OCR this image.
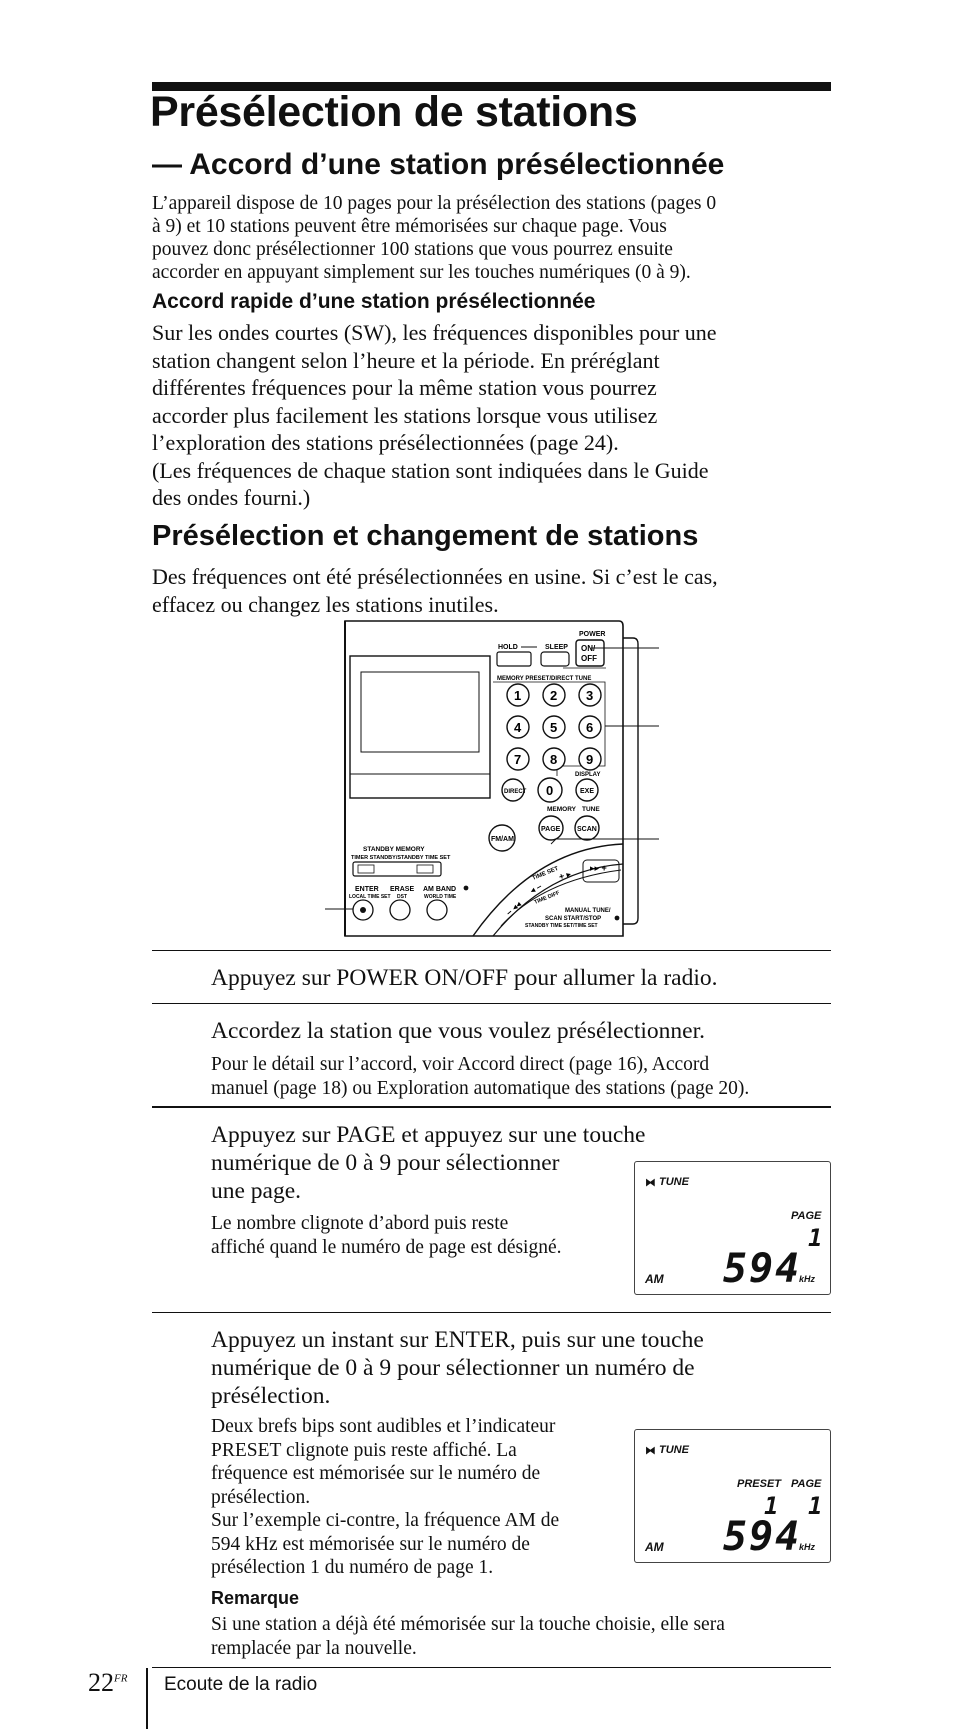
Présélection de stations
— Accord d’une station présélectionnée
L’appareil dispose de 10 pages pour la présélection des stations (pages 0
à 9) et 10 stations peuvent être mémorisées sur chaque page. Vous
pouvez donc présélectionner 100 stations que vous pourrez ensuite
accorder en appuyant simplement sur les touches numériques (0 à 9).
Accord rapide d’une station présélectionnée
Sur les ondes courtes (SW), les fréquences disponibles pour une
station changent selon l’heure et la période. En préréglant
différentes fréquences pour la même station vous pourrez
accorder plus facilement les stations lorsque vous utilisez
l’exploration des stations présélectionnées (page 24).
(Les fréquences de chaque station sont indiquées dans le Guide
des ondes fourni.)
Présélection et changement de stations
Des fréquences ont été présélectionnées en usine. Si c’est le cas,
effacez ou changez les stations inutiles.
HOLD	SLEEP
POWER
ON/
OFF
MEMORY PRESET/DIRECT TUNE
1 2 3
4 5 6
7 8 9
DIRECT 0
DISPLAY
EXE
MEMORY TUNE
PAGE SCAN
FM/AM
STANDBY MEMORY
TIMER STANDBY/STANDBY TIME SET
ENTER
LOCAL TIME SET
ERASE
DST
AM BAND
WORLD TIME
TIME SET
TIME DIFF
– ◂◂
◂ –
+ ▸
▸▸ +
MANUAL TUNE/
SCAN START/STOP
STANDBY TIME SET/TIME SET
Appuyez sur POWER ON/OFF pour allumer la radio.
Accordez la station que vous voulez présélectionner.
Pour le détail sur l’accord, voir Accord direct (page 16), Accord
manuel (page 18) ou Exploration automatique des stations (page 20).
Appuyez sur PAGE et appuyez sur une touche
numérique de 0 à 9 pour sélectionner
une page.
Le nombre clignote d’abord puis reste
affiché quand le numéro de page est désigné.
⧓ TUNE
PAGE
1
AM 594
kHz
Appuyez un instant sur ENTER, puis sur une touche
numérique de 0 à 9 pour sélectionner un numéro de
présélection.
Deux brefs bips sont audibles et l’indicateur
PRESET clignote puis reste affiché. La
fréquence est mémorisée sur le numéro de
présélection.
Sur l’exemple ci-contre, la fréquence AM de
594 kHz est mémorisée sur le numéro de
présélection 1 du numéro de page 1.
Remarque
Si une station a déjà été mémorisée sur la touche choisie, elle sera
remplacée par la nouvelle.
⧓ TUNE
PRESET PAGE
1 1
AM 594
kHz
22$^{FR}$ Ecoute de la radio
